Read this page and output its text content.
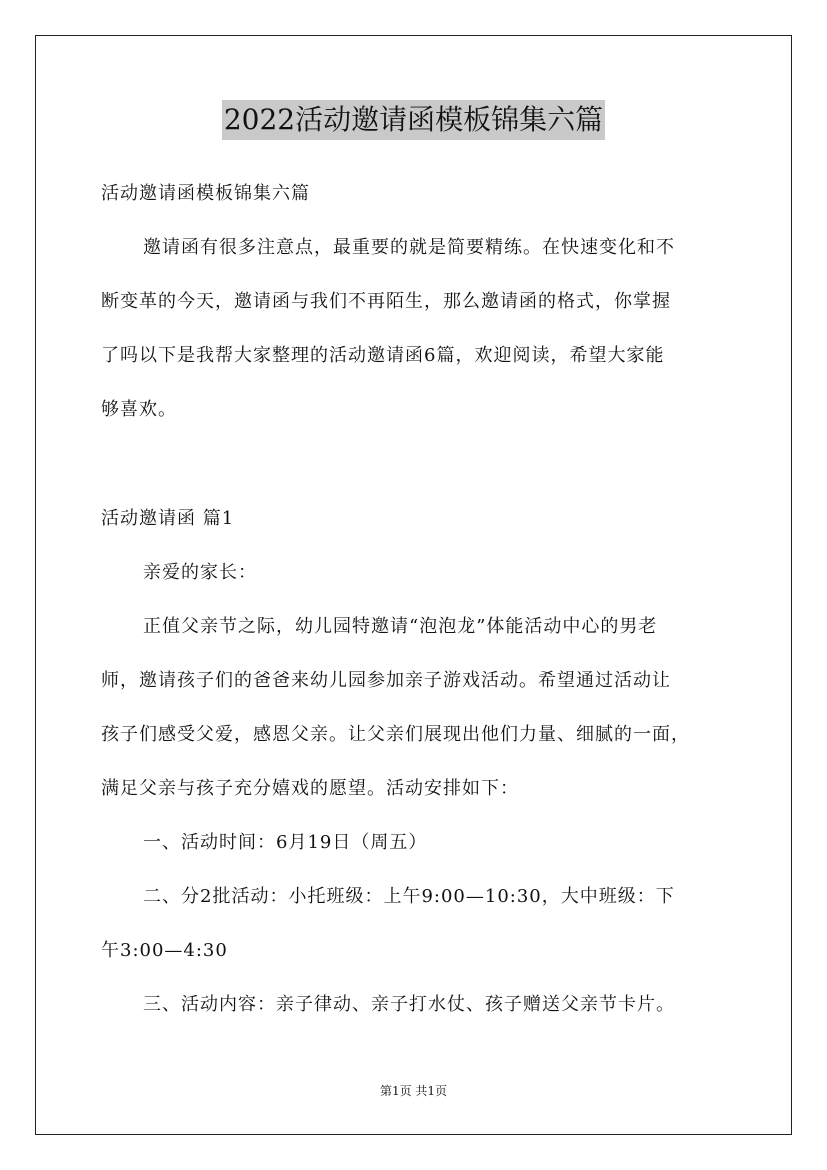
2022活动邀请函模板锦集六篇
活动邀请函模板锦集六篇
邀请函有很多注意点，最重要的就是简要精练。在快速变化和不
断变革的今天，邀请函与我们不再陌生，那么邀请函的格式，你掌握
了吗以下是我帮大家整理的活动邀请函6篇，欢迎阅读，希望大家能
够喜欢。
活动邀请函 篇1
亲爱的家长：
正值父亲节之际，幼儿园特邀请“泡泡龙”体能活动中心的男老
师，邀请孩子们的爸爸来幼儿园参加亲子游戏活动。希望通过活动让
孩子们感受父爱，感恩父亲。让父亲们展现出他们力量、细腻的一面，
满足父亲与孩子充分嬉戏的愿望。活动安排如下：
一、活动时间：6月19日（周五）
二、分2批活动：小托班级：上午9:00—10:30，大中班级：下
午3:00—4:30
三、活动内容：亲子律动、亲子打水仗、孩子赠送父亲节卡片。
第1页 共1页
